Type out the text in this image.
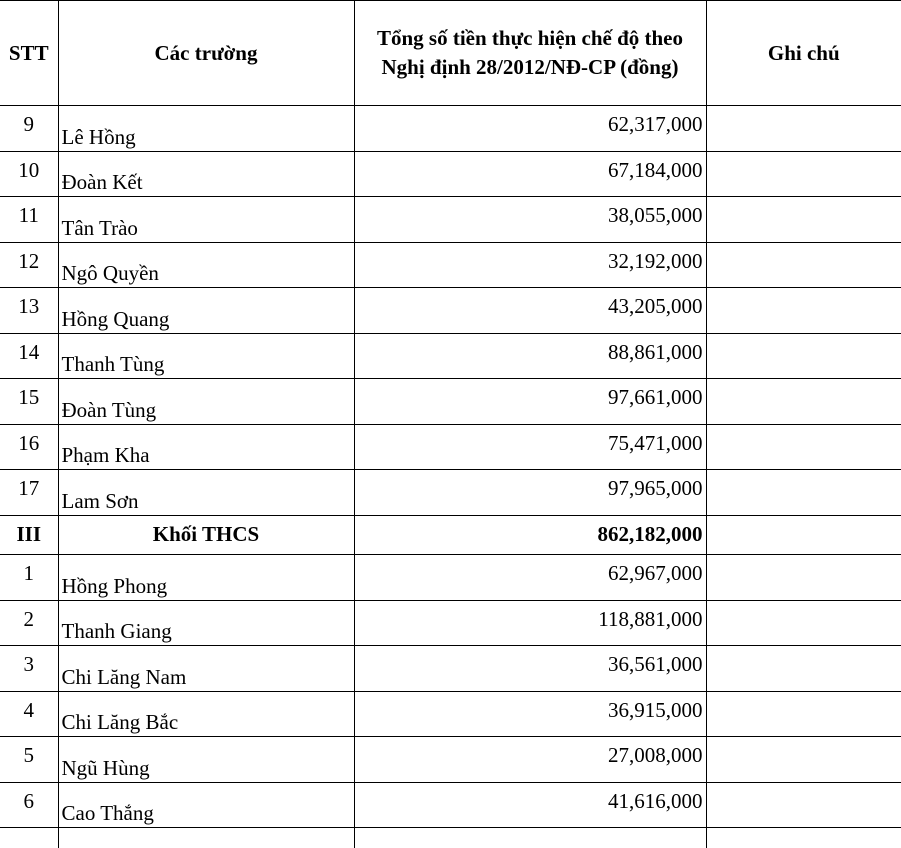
STT	Các trường	Tổng số tiền thực hiện chế độ theo Nghị định 28/2012/NĐ-CP (đồng)	Ghi chú
9	Lê Hồng	62,317,000	
10	Đoàn Kết	67,184,000	
11	Tân Trào	38,055,000	
12	Ngô Quyền	32,192,000	
13	Hồng Quang	43,205,000	
14	Thanh Tùng	88,861,000	
15	Đoàn Tùng	97,661,000	
16	Phạm Kha	75,471,000	
17	Lam Sơn	97,965,000	
III	Khối THCS	862,182,000	
1	Hồng Phong	62,967,000	
2	Thanh Giang	118,881,000	
3	Chi Lăng Nam	36,561,000	
4	Chi Lăng Bắc	36,915,000	
5	Ngũ Hùng	27,008,000	
6	Cao Thắng	41,616,000	
